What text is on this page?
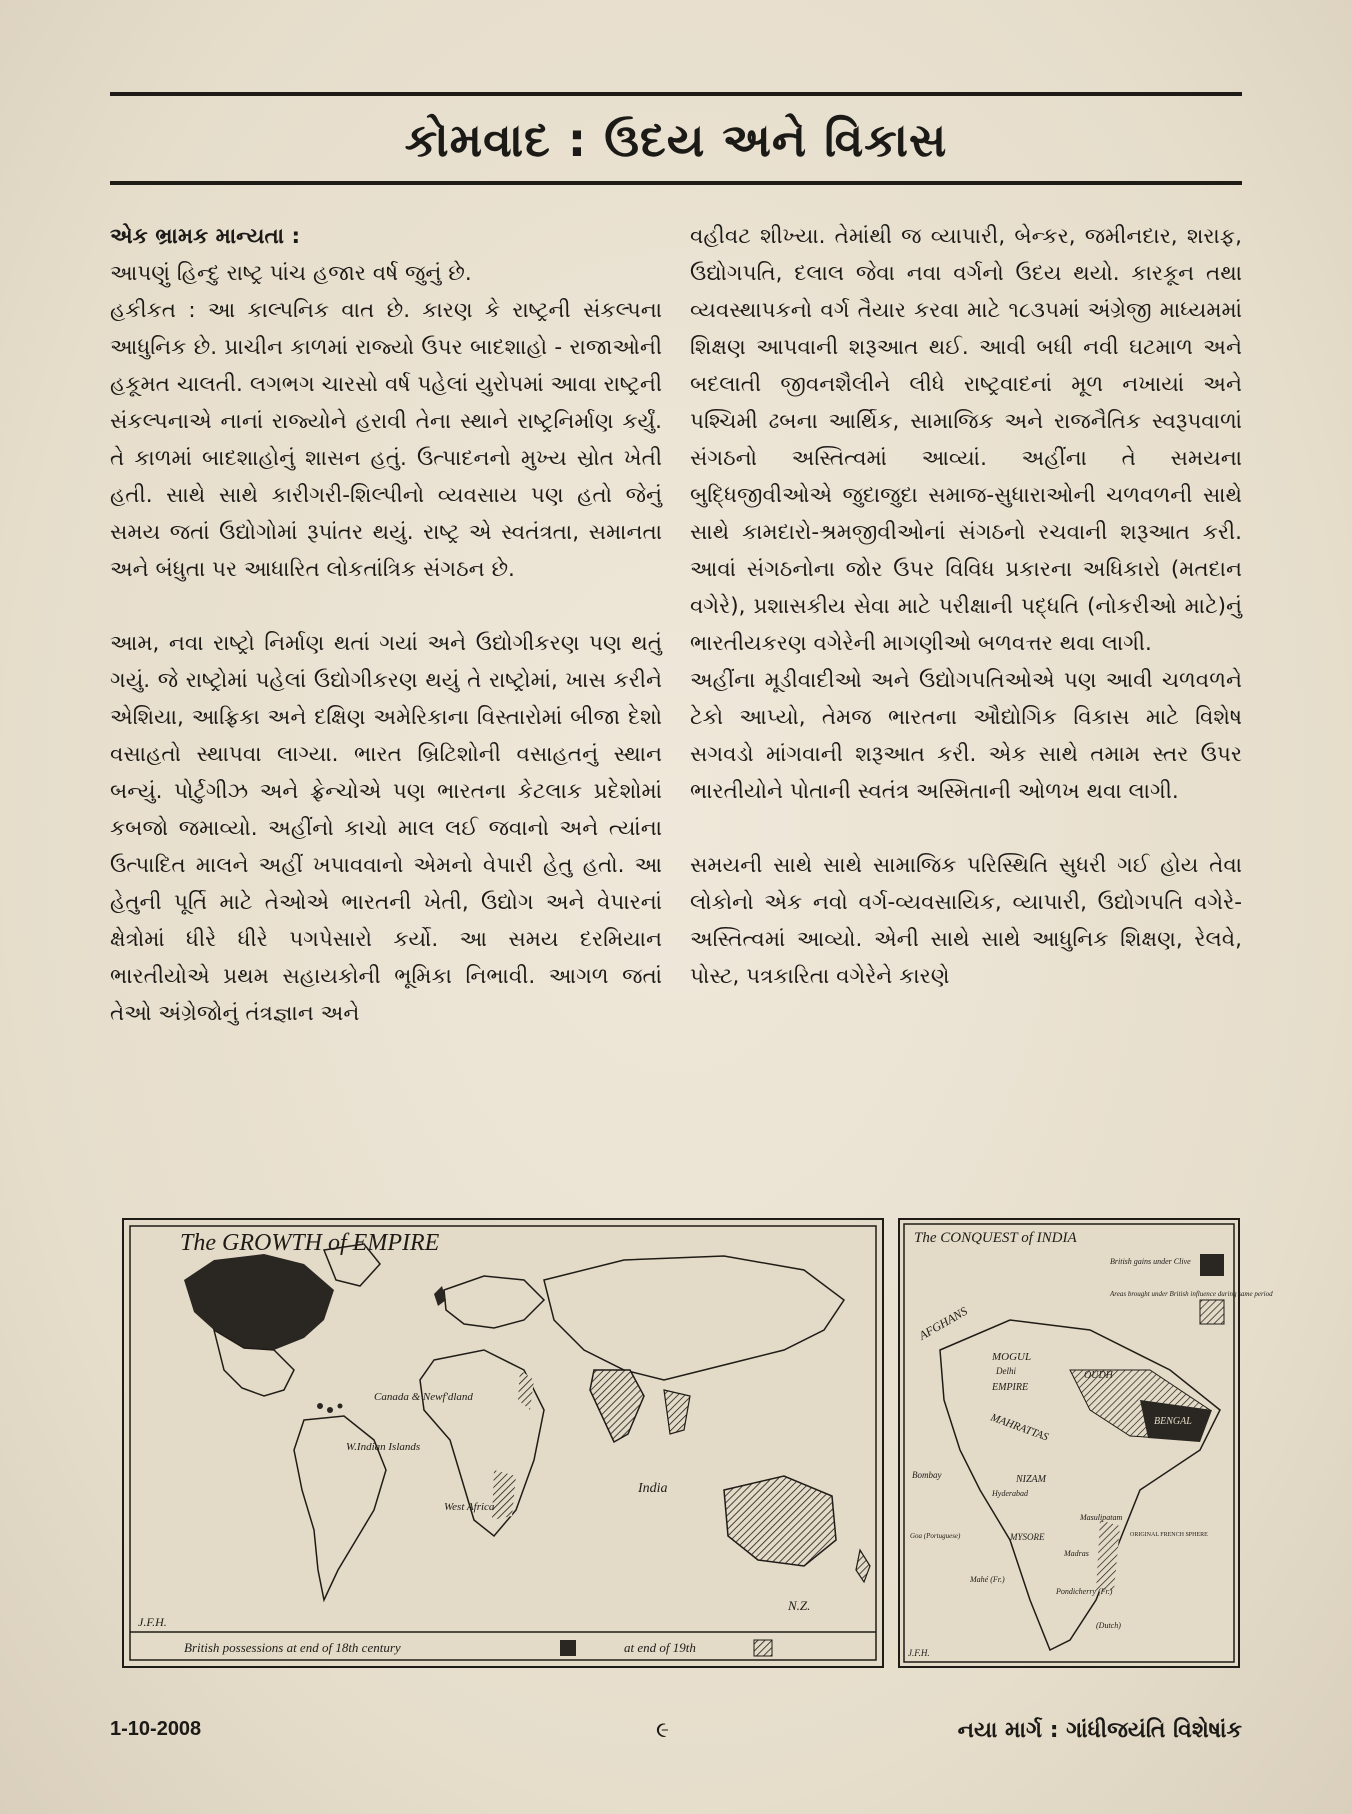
કોમવાદ : ઉદય અને વિકાસ

એક ભ્રામક માન્યતા :

આપણું હિન્દુ રાષ્ટ્ર પાંચ હજાર વર્ષ જુનું છે.

હકીકત : આ કાલ્પનિક વાત છે. કારણ કે રાષ્ટ્રની સંકલ્પના આધુનિક છે. પ્રાચીન કાળમાં રાજ્યો ઉપર બાદશાહો - રાજાઓની હકૂમત ચાલતી. લગભગ ચારસો વર્ષ પહેલાં યુરોપમાં આવા રાષ્ટ્રની સંકલ્પનાએ નાનાં રાજ્યોને હરાવી તેના સ્થાને રાષ્ટ્રનિર્માણ કર્યું. તે કાળમાં બાદશાહોનું શાસન હતું. ઉત્પાદનનો મુખ્ય સ્રોત ખેતી હતી. સાથે સાથે કારીગરી-શિલ્પીનો વ્યવસાય પણ હતો જેનું સમય જતાં ઉદ્યોગોમાં રૂપાંતર થયું. રાષ્ટ્ર એ સ્વતંત્રતા, સમાનતા અને બંધુતા પર આધારિત લોકતાંત્રિક સંગઠન છે.

આમ, નવા રાષ્ટ્રો નિર્માણ થતાં ગયાં અને ઉદ્યોગીકરણ પણ થતું ગયું. જે રાષ્ટ્રોમાં પહેલાં ઉદ્યોગીકરણ થયું તે રાષ્ટ્રોમાં, ખાસ કરીને એશિયા, આફ્રિકા અને દક્ષિણ અમેરિકાના વિસ્તારોમાં બીજા દેશો વસાહતો સ્થાપવા લાગ્યા. ભારત બ્રિટિશોની વસાહતનું સ્થાન બન્યું. પોર્ટુગીઝ અને ફ્રેન્ચોએ પણ ભારતના કેટલાક પ્રદેશોમાં કબજો જમાવ્યો. અહીંનો કાચો માલ લઈ જવાનો અને ત્યાંના ઉત્પાદિત માલને અહીં ખપાવવાનો એમનો વેપારી હેતુ હતો. આ હેતુની પૂર્તિ માટે તેઓએ ભારતની ખેતી, ઉદ્યોગ અને વેપારનાં ક્ષેત્રોમાં ધીરે ધીરે પગપેસારો કર્યો. આ સમય દરમિયાન ભારતીયોએ પ્રથમ સહાયકોની ભૂમિકા નિભાવી. આગળ જતાં તેઓ અંગ્રેજોનું તંત્રજ્ઞાન અને

વહીવટ શીખ્યા. તેમાંથી જ વ્યાપારી, બેન્કર, જમીનદાર, શરાફ, ઉદ્યોગપતિ, દલાલ જેવા નવા વર્ગનો ઉદય થયો. કારકૂન તથા વ્યવસ્થાપકનો વર્ગ તૈયાર કરવા માટે ૧૮૩૫માં અંગ્રેજી માધ્યમમાં શિક્ષણ આપવાની શરૂઆત થઈ. આવી બધી નવી ઘટમાળ અને બદલાતી જીવનશૈલીને લીધે રાષ્ટ્રવાદનાં મૂળ નખાયાં અને પશ્ચિમી ઢબના આર્થિક, સામાજિક અને રાજનૈતિક સ્વરૂપવાળાં સંગઠનો અસ્તિત્વમાં આવ્યાં. અહીંના તે સમયના બુદ્ધિજીવીઓએ જુદાજુદા સમાજ-સુધારાઓની ચળવળની સાથે સાથે કામદારો-શ્રમજીવીઓનાં સંગઠનો રચવાની શરૂઆત કરી. આવાં સંગઠનોના જોર ઉપર વિવિધ પ્રકારના અધિકારો (મતદાન વગેરે), પ્રશાસકીય સેવા માટે પરીક્ષાની પદ્ધતિ (નોકરીઓ માટે)નું ભારતીયકરણ વગેરેની માગણીઓ બળવત્તર થવા લાગી.

અહીંના મૂડીવાદીઓ અને ઉદ્યોગપતિઓએ પણ આવી ચળવળને ટેકો આપ્યો, તેમજ ભારતના ઔદ્યોગિક વિકાસ માટે વિશેષ સગવડો માંગવાની શરૂઆત કરી. એક સાથે તમામ સ્તર ઉપર ભારતીયોને પોતાની સ્વતંત્ર અસ્મિતાની ઓળખ થવા લાગી.

સમયની સાથે સાથે સામાજિક પરિસ્થિતિ સુધરી ગઈ હોય તેવા લોકોનો એક નવો વર્ગ-વ્યવસાયિક, વ્યાપારી, ઉદ્યોગપતિ વગેરે-અસ્તિત્વમાં આવ્યો. એની સાથે સાથે આધુનિક શિક્ષણ, રેલવે, પોસ્ટ, પત્રકારિતા વગેરેને કારણે

The GROWTH of EMPIRE
Canada & Newf'dland
W.Indian Islands
West Africa
India
N.Z.
J.F.H.
British possessions at end of 18th century	at end of 19th
The CONQUEST of INDIA
British gains under Clive
Areas brought under British influence during same period
AFGHANS
MOGUL
Delhi
EMPIRE
OUDH
BENGAL
MAHRATTAS
Bombay	NIZAM
Hyderabad
Masulipatam
Goa (Portuguese)	MYSORE
Madras
ORIGINAL FRENCH SPHERE
Mahé (Fr.)
Pondicherry (Fr.)
(Dutch)
J.F.H.
1-10-2008	૯	નયા માર્ગ : ગાંધીજયંતિ વિશેષાંક
